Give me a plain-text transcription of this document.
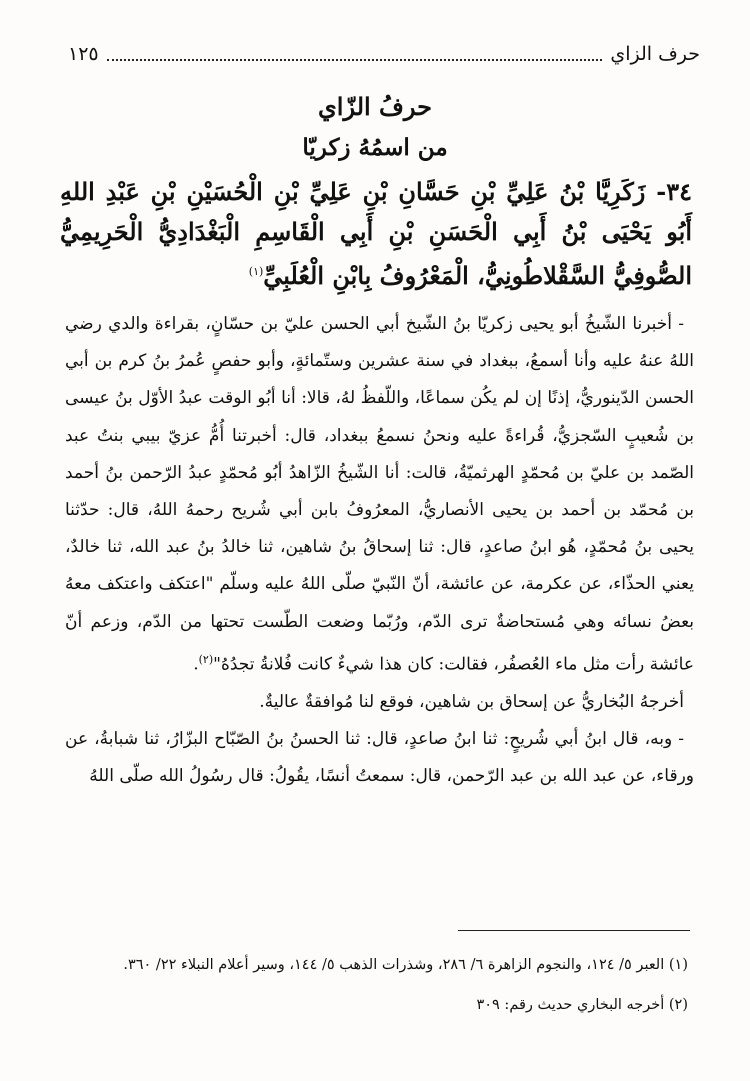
حرف الزاي
١٢٥
حرفُ الزّاي
من اسمُهُ زكريّا
٣٤- زَكَرِيَّا بْنُ عَلِيِّ بْنِ حَسَّانِ بْنِ عَلِيِّ بْنِ الْحُسَيْنِ بْنِ عَبْدِ اللهِ أَبُو يَحْيَى بْنُ أَبِي الْحَسَنِ بْنِ أَبِي الْقَاسِمِ الْبَغْدَادِيُّ الْحَرِيمِيُّ الصُّوفِيُّ السَّقْلاطُونِيُّ، الْمَعْرُوفُ بِابْنِ الْعُلَبِيِّ$^{(١)}$

- أخبرنا الشّيخُ أبو يحيى زكريّا بنُ الشّيخ أبي الحسن عليّ بن حسّانٍ، بقراءة والدي رضي اللهُ عنهُ عليه وأنا أسمعُ، ببغداد في سنة عشرين وستّمائةٍ، وأبو حفصٍ عُمرُ بنُ كرم بن أبي الحسن الدّينوريُّ، إذنًا إن لم يكُن سماعًا، واللّفظُ لهُ، قالا: أنا أبُو الوقت عبدُ الأوّل بنُ عيسى بن شُعيبٍ السّجزيُّ، قُراءةً عليه ونحنُ نسمعُ ببغداد، قال: أخبرتنا أُمُّ عزيّ بيبي بنتُ عبد الصّمد بن عليّ بن مُحمّدٍ الهرثميّةُ، قالت: أنا الشّيخُ الزّاهدُ أبُو مُحمّدٍ عبدُ الرّحمن بنُ أحمد بن مُحمّد بن أحمد بن يحيى الأنصاريُّ، المعرُوفُ بابن أبي شُريح رحمهُ اللهُ، قال: حدّثنا يحيى بنُ مُحمّدٍ، هُو ابنُ صاعدٍ، قال: ثنا إسحاقُ بنُ شاهين، ثنا خالدُ بنُ عبد الله، ثنا خالدٌ، يعني الحذّاء، عن عكرمة، عن عائشة، أنّ النّبيّ صلّى اللهُ عليه وسلّم "اعتكف واعتكف معهُ بعضُ نسائه وهي مُستحاضةٌ ترى الدّم، ورُبّما وضعت الطّست تحتها من الدّم، وزعم أنّ عائشة رأت مثل ماء العُصفُر، فقالت: كان هذا شيءٌ كانت فُلانةُ تجدُهُ"$^{(٢)}$.

أخرجهُ البُخاريُّ عن إسحاق بن شاهين، فوقع لنا مُوافقةٌ عاليةٌ.

- وبه، قال ابنُ أبي شُريحٍ: ثنا ابنُ صاعدٍ، قال: ثنا الحسنُ بنُ الصّبّاح البزّارُ، ثنا شبابةُ، عن ورقاء، عن عبد الله بن عبد الرّحمن، قال: سمعتُ أنسًا، يقُولُ: قال رسُولُ الله صلّى اللهُ

(١) العبر ٥/ ١٢٤، والنجوم الزاهرة ٦/ ٢٨٦، وشذرات الذهب ٥/ ١٤٤، وسير أعلام النبلاء ٢٢/ ٣٦٠.

(٢) أخرجه البخاري حديث رقم: ٣٠٩
